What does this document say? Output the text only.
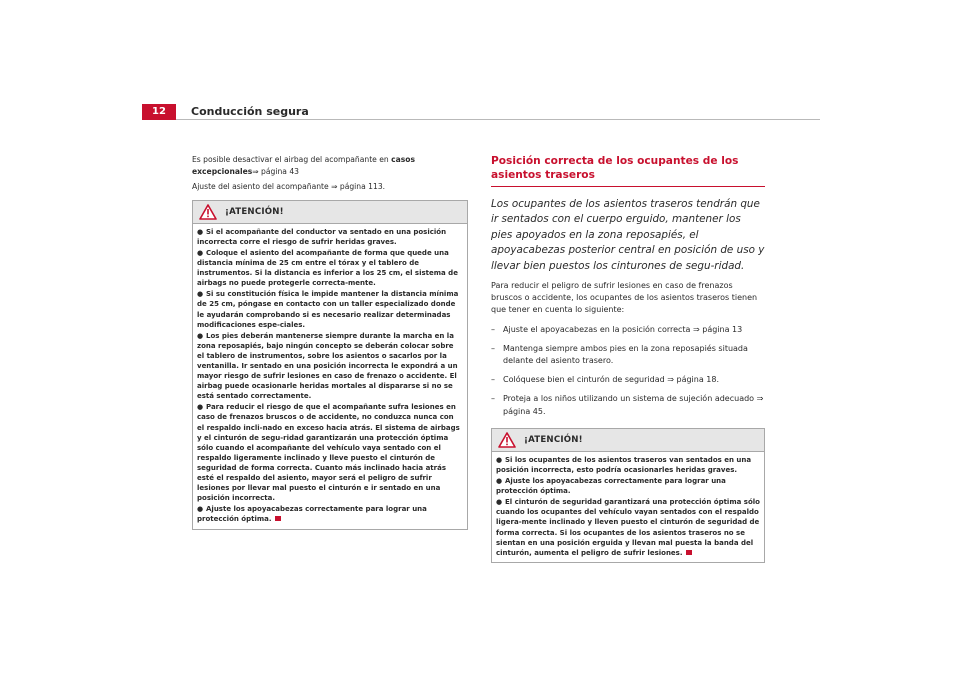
12	Conducción segura

Es posible desactivar el airbag del acompañante en casos excepcionales⇒ página 43

Ajuste del asiento del acompañante ⇒ página 113.

¡ATENCIÓN!

● Si el acompañante del conductor va sentado en una posición incorrecta corre el riesgo de sufrir heridas graves.

● Coloque el asiento del acompañante de forma que quede una distancia mínima de 25 cm entre el tórax y el tablero de instrumentos. Si la distancia es inferior a los 25 cm, el sistema de airbags no puede protegerle correcta-mente.

● Si su constitución física le impide mantener la distancia mínima de 25 cm, póngase en contacto con un taller especializado donde le ayudarán comprobando si es necesario realizar determinadas modificaciones espe-ciales.

● Los pies deberán mantenerse siempre durante la marcha en la zona reposapiés, bajo ningún concepto se deberán colocar sobre el tablero de instrumentos, sobre los asientos o sacarlos por la ventanilla. Ir sentado en una posición incorrecta le expondrá a un mayor riesgo de sufrir lesiones en caso de frenazo o accidente. El airbag puede ocasionarle heridas mortales al dispararse si no se está sentado correctamente.

● Para reducir el riesgo de que el acompañante sufra lesiones en caso de frenazos bruscos o de accidente, no conduzca nunca con el respaldo incli-nado en exceso hacia atrás. El sistema de airbags y el cinturón de segu-ridad garantizarán una protección óptima sólo cuando el acompañante del vehículo vaya sentado con el respaldo ligeramente inclinado y lleve puesto el cinturón de seguridad de forma correcta. Cuanto más inclinado hacia atrás esté el respaldo del asiento, mayor será el peligro de sufrir lesiones por llevar mal puesto el cinturón e ir sentado en una posición incorrecta.

● Ajuste los apoyacabezas correctamente para lograr una protección óptima.

Posición correcta de los ocupantes de los asientos traseros

Los ocupantes de los asientos traseros tendrán que ir sentados con el cuerpo erguido, mantener los pies apoyados en la zona reposapiés, el apoyacabezas posterior central en posición de uso y llevar bien puestos los cinturones de segu-ridad.

Para reducir el peligro de sufrir lesiones en caso de frenazos bruscos o accidente, los ocupantes de los asientos traseros tienen que tener en cuenta lo siguiente:

–	Ajuste el apoyacabezas en la posición correcta ⇒ página 13
–	Mantenga siempre ambos pies en la zona reposapiés situada delante del asiento trasero.
–	Colóquese bien el cinturón de seguridad ⇒ página 18.
–	Proteja a los niños utilizando un sistema de sujeción adecuado ⇒ página 45.
¡ATENCIÓN!

● Si los ocupantes de los asientos traseros van sentados en una posición incorrecta, esto podría ocasionarles heridas graves.

● Ajuste los apoyacabezas correctamente para lograr una protección óptima.

● El cinturón de seguridad garantizará una protección óptima sólo cuando los ocupantes del vehículo vayan sentados con el respaldo ligera-mente inclinado y lleven puesto el cinturón de seguridad de forma correcta. Si los ocupantes de los asientos traseros no se sientan en una posición erguida y llevan mal puesta la banda del cinturón, aumenta el peligro de sufrir lesiones.
